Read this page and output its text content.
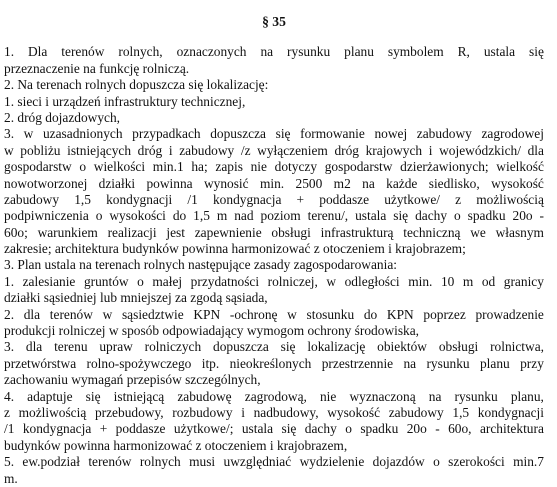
§ 35
1. Dla terenów rolnych, oznaczonych na rysunku planu symbolem R, ustala się
przeznaczenie na funkcję rolniczą.
2. Na terenach rolnych dopuszcza się lokalizację:
1. sieci i urządzeń infrastruktury technicznej,
2. dróg dojazdowych,
3. w uzasadnionych przypadkach dopuszcza się formowanie nowej zabudowy zagrodowej
w pobliżu istniejących dróg i zabudowy /z wyłączeniem dróg krajowych i wojewódzkich/ dla
gospodarstw o wielkości min.1 ha; zapis nie dotyczy gospodarstw dzierżawionych; wielkość
nowotworzonej działki powinna wynosić min. 2500 m2 na każde siedlisko, wysokość
zabudowy 1,5 kondygnacji /1 kondygnacja + poddasze użytkowe/ z możliwością
podpiwniczenia o wysokości do 1,5 m nad poziom terenu/, ustala się dachy o spadku 20o -
60o; warunkiem realizacji jest zapewnienie obsługi infrastrukturą techniczną we własnym
zakresie; architektura budynków powinna harmonizować z otoczeniem i krajobrazem;
3. Plan ustala na terenach rolnych następujące zasady zagospodarowania:
1. zalesianie gruntów o małej przydatności rolniczej, w odległości min. 10 m od granicy
działki sąsiedniej lub mniejszej za zgodą sąsiada,
2. dla terenów w sąsiedztwie KPN -ochronę w stosunku do KPN poprzez prowadzenie
produkcji rolniczej w sposób odpowiadający wymogom ochrony środowiska,
3. dla terenu upraw rolniczych dopuszcza się lokalizację obiektów obsługi rolnictwa,
przetwórstwa rolno-spożywczego itp. nieokreślonych przestrzennie na rysunku planu przy
zachowaniu wymagań przepisów szczególnych,
4. adaptuje się istniejącą zabudowę zagrodową, nie wyznaczoną na rysunku planu,
z możliwością przebudowy, rozbudowy i nadbudowy, wysokość zabudowy 1,5 kondygnacji
/1 kondygnacja + poddasze użytkowe/; ustala się dachy o spadku 20o - 60o, architektura
budynków powinna harmonizować z otoczeniem i krajobrazem,
5. ew.podział terenów rolnych musi uwzględniać wydzielenie dojazdów o szerokości min.7
m.
